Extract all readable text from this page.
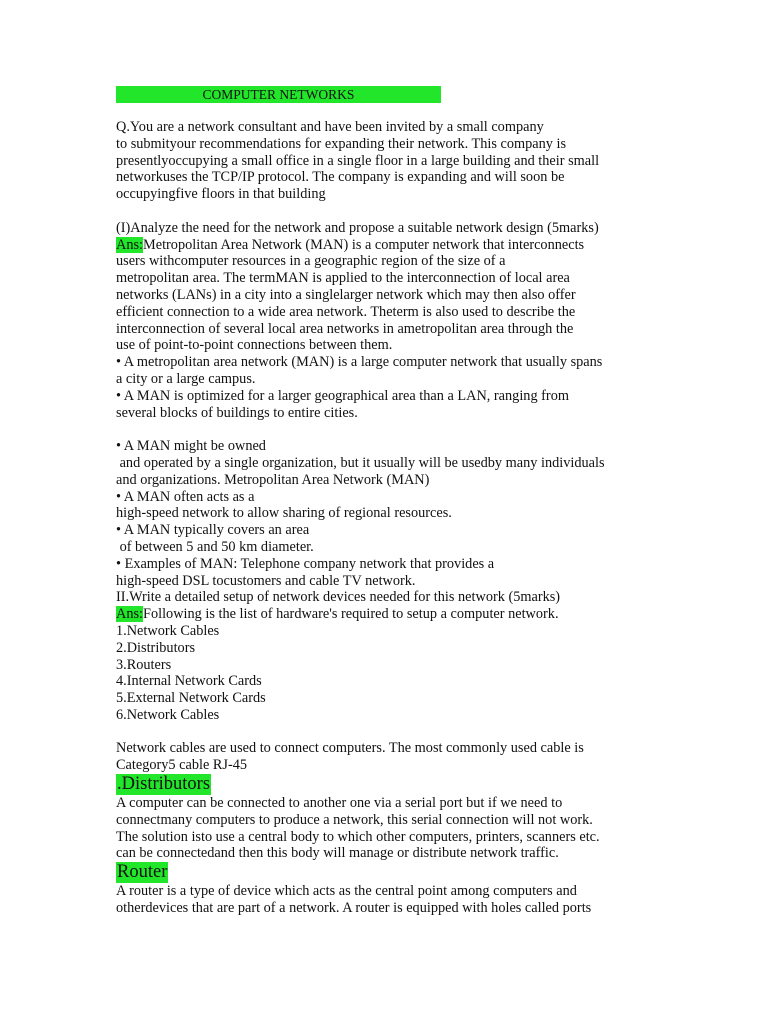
COMPUTER NETWORKS
Q.You are a network consultant and have been invited by a small company
to submityour recommendations for expanding their network. This company is
presentlyoccupying a small office in a single floor in a large building and their small
networkuses the TCP/IP protocol. The company is expanding and will soon be
occupyingfive floors in that building
(I)Analyze the need for the network and propose a suitable network design (5marks)
Ans:Metropolitan Area Network (MAN) is a computer network that interconnects
users withcomputer resources in a geographic region of the size of a
metropolitan area. The termMAN is applied to the interconnection of local area
networks (LANs) in a city into a singlelarger network which may then also offer
efficient connection to a wide area network. Theterm is also used to describe the
interconnection of several local area networks in ametropolitan area through the
use of point-to-point connections between them.
• A metropolitan area network (MAN) is a large computer network that usually spans
a city or a large campus.
• A MAN is optimized for a larger geographical area than a LAN, ranging from
several blocks of buildings to entire cities.
• A MAN might be owned
and operated by a single organization, but it usually will be usedby many individuals
and organizations. Metropolitan Area Network (MAN)
• A MAN often acts as a
high-speed network to allow sharing of regional resources.
• A MAN typically covers an area
of between 5 and 50 km diameter.
• Examples of MAN: Telephone company network that provides a
high-speed DSL tocustomers and cable TV network.
II.Write a detailed setup of network devices needed for this network (5marks)
Ans:Following is the list of hardware's required to setup a computer network.
1.Network Cables
2.Distributors
3.Routers
4.Internal Network Cards
5.External Network Cards
6.Network Cables
Network cables are used to connect computers. The most commonly used cable is
Category5 cable RJ-45
.Distributors
A computer can be connected to another one via a serial port but if we need to
connectmany computers to produce a network, this serial connection will not work.
The solution isto use a central body to which other computers, printers, scanners etc.
can be connectedand then this body will manage or distribute network traffic.
Router
A router is a type of device which acts as the central point among computers and
otherdevices that are part of a network. A router is equipped with holes called ports
